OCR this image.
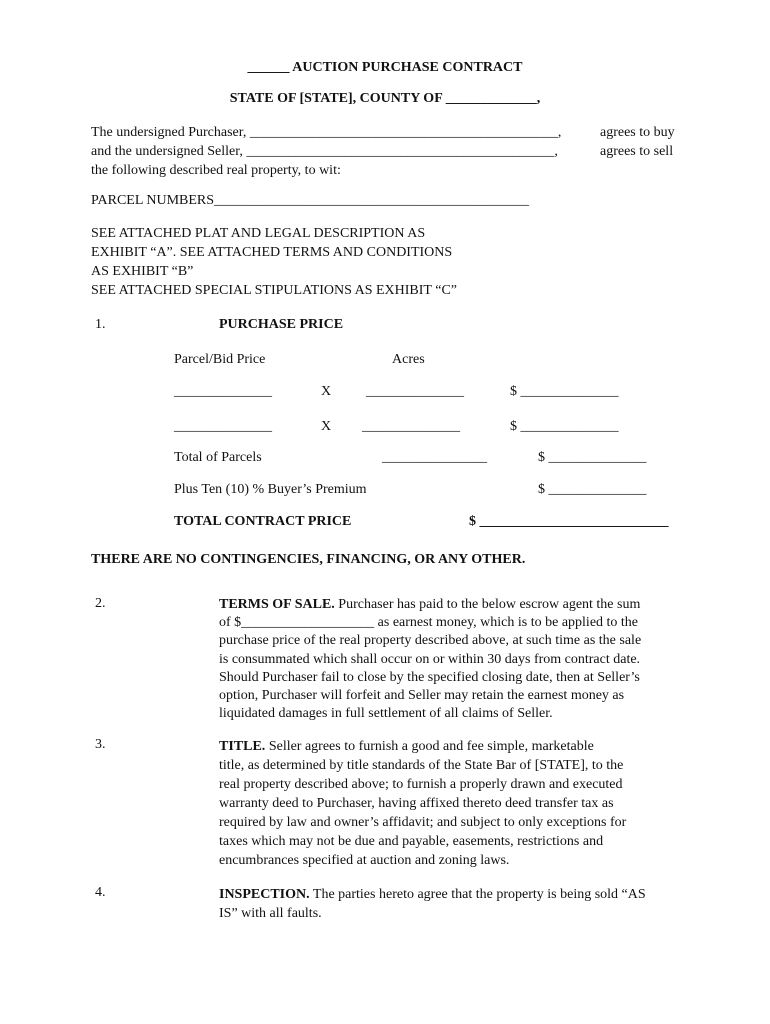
______ AUCTION PURCHASE CONTRACT
STATE OF [STATE], COUNTY OF _____________,
The undersigned Purchaser, ____________________________________________,	agrees to buy
and the undersigned Seller, ____________________________________________,	agrees to sell
the following described real property, to wit:
PARCEL NUMBERS_____________________________________________
SEE ATTACHED PLAT AND LEGAL DESCRIPTION AS
EXHIBIT “A”. SEE ATTACHED TERMS AND CONDITIONS
AS EXHIBIT “B”
SEE ATTACHED SPECIAL STIPULATIONS AS EXHIBIT “C”
1.	PURCHASE PRICE
Parcel/Bid Price	Acres
______________	X ______________	$ ______________
______________	X ______________	$ ______________
Total of Parcels	_______________	$ ______________
Plus Ten (10) % Buyer’s Premium	$ ______________
TOTAL CONTRACT PRICE	$ ___________________________
THERE ARE NO CONTINGENCIES, FINANCING, OR ANY OTHER.
2.	TERMS OF SALE. Purchaser has paid to the below escrow agent the sum
of $___________________ as earnest money, which is to be applied to the
purchase price of the real property described above, at such time as the sale
is consummated which shall occur on or within 30 days from contract date.
Should Purchaser fail to close by the specified closing date, then at Seller’s
option, Purchaser will forfeit and Seller may retain the earnest money as
liquidated damages in full settlement of all claims of Seller.
3.	TITLE. Seller agrees to furnish a good and fee simple, marketable
title, as determined by title standards of the State Bar of [STATE], to the
real property described above; to furnish a properly drawn and executed
warranty deed to Purchaser, having affixed thereto deed transfer tax as
required by law and owner’s affidavit; and subject to only exceptions for
taxes which may not be due and payable, easements, restrictions and
encumbrances specified at auction and zoning laws.
4.	INSPECTION. The parties hereto agree that the property is being sold “AS
IS” with all faults.
